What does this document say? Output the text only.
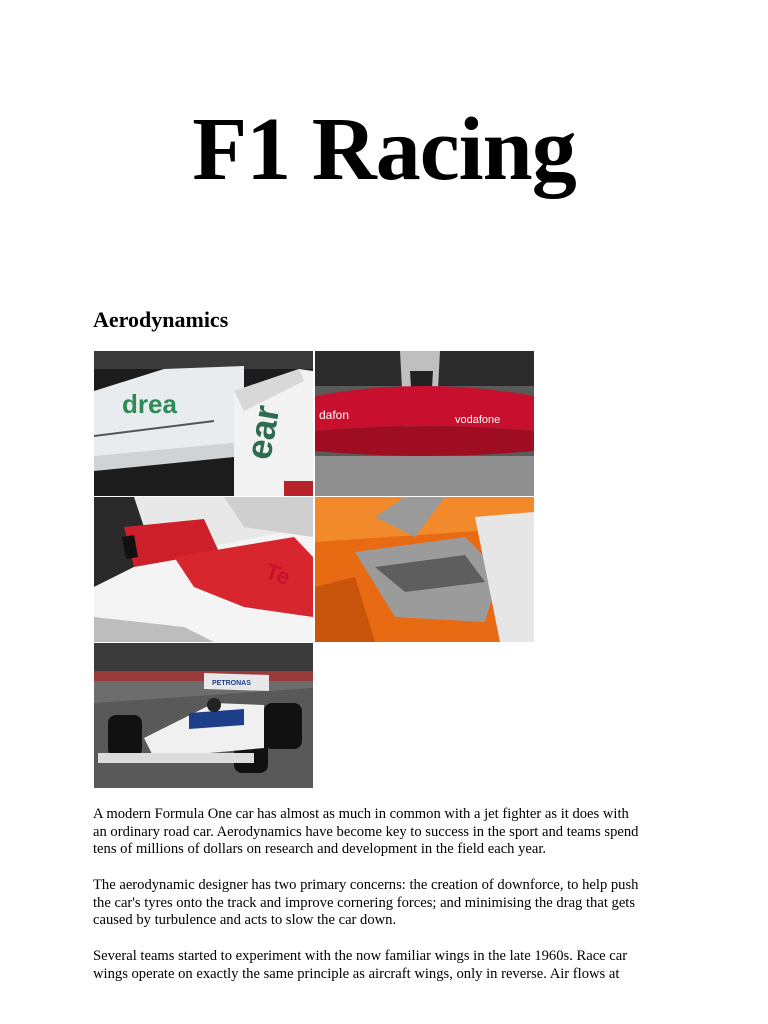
F1 Racing
Aerodynamics
drea ear	dafon	vodafone
Te
PETRONAS

A modern Formula One car has almost as much in common with a jet fighter as it does with
an ordinary road car. Aerodynamics have become key to success in the sport and teams spend
tens of millions of dollars on research and development in the field each year.

The aerodynamic designer has two primary concerns: the creation of downforce, to help push
the car's tyres onto the track and improve cornering forces; and minimising the drag that gets
caused by turbulence and acts to slow the car down.

Several teams started to experiment with the now familiar wings in the late 1960s. Race car
wings operate on exactly the same principle as aircraft wings, only in reverse. Air flows at
